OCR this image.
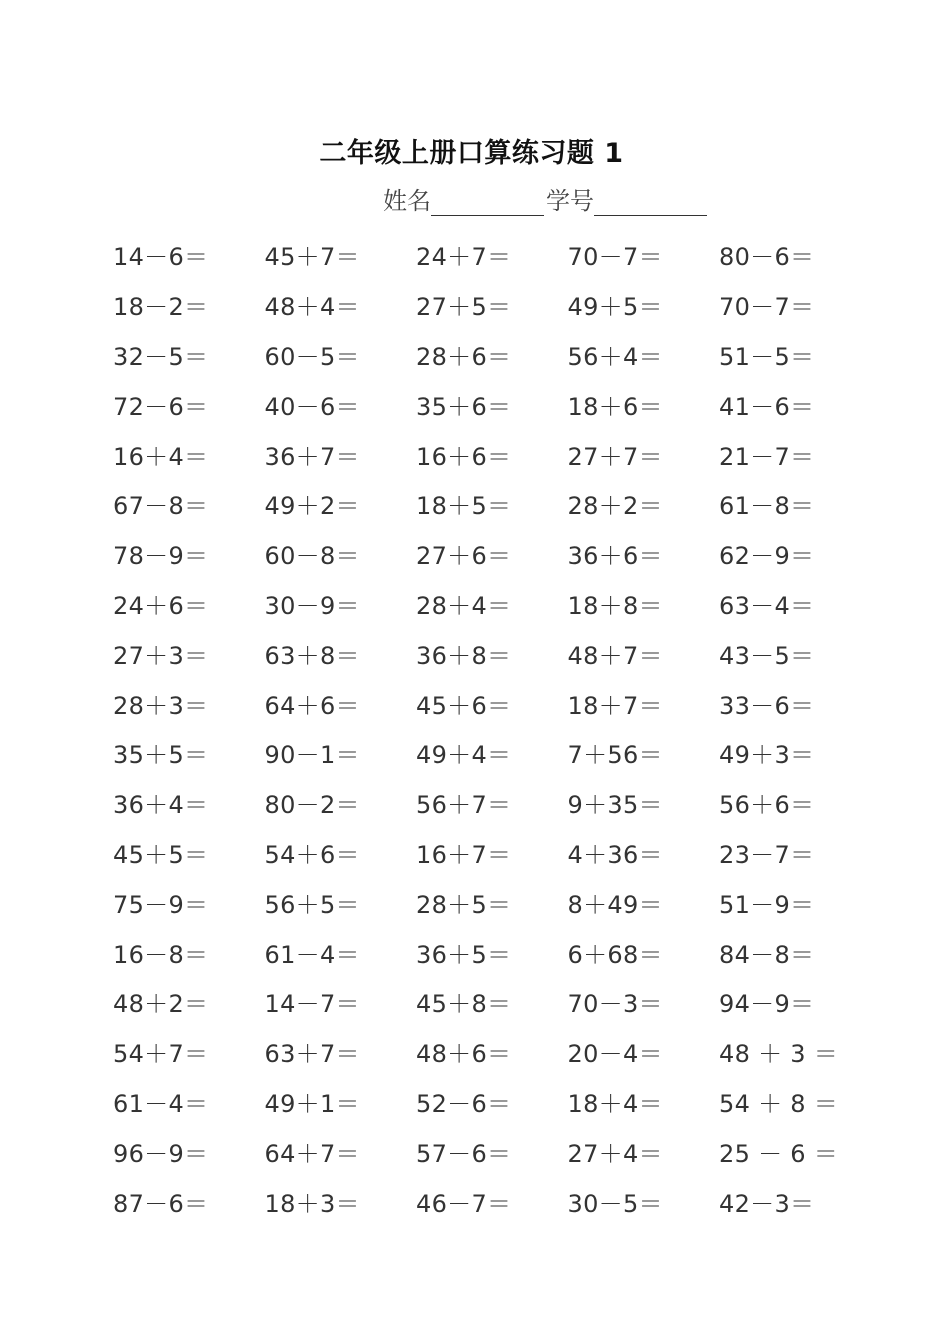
二年级上册口算练习题 1
姓名	学号
14－6＝	45＋7＝	24＋7＝	70－7＝	80－6＝
18－2＝	48＋4＝	27＋5＝	49＋5＝	70－7＝
32－5＝	60－5＝	28＋6＝	56＋4＝	51－5＝
72－6＝	40－6＝	35＋6＝	18＋6＝	41－6＝
16＋4＝	36＋7＝	16＋6＝	27＋7＝	21－7＝
67－8＝	49＋2＝	18＋5＝	28＋2＝	61－8＝
78－9＝	60－8＝	27＋6＝	36＋6＝	62－9＝
24＋6＝	30－9＝	28＋4＝	18＋8＝	63－4＝
27＋3＝	63＋8＝	36＋8＝	48＋7＝	43－5＝
28＋3＝	64＋6＝	45＋6＝	18＋7＝	33－6＝
35＋5＝	90－1＝	49＋4＝	7＋56＝	49＋3＝
36＋4＝	80－2＝	56＋7＝	9＋35＝	56＋6＝
45＋5＝	54＋6＝	16＋7＝	4＋36＝	23－7＝
75－9＝	56＋5＝	28＋5＝	8＋49＝	51－9＝
16－8＝	61－4＝	36＋5＝	6＋68＝	84－8＝
48＋2＝	14－7＝	45＋8＝	70－3＝	94－9＝
54＋7＝	63＋7＝	48＋6＝	20－4＝	48 ＋ 3 ＝
61－4＝	49＋1＝	52－6＝	18＋4＝	54 ＋ 8 ＝
96－9＝	64＋7＝	57－6＝	27＋4＝	25 － 6 ＝
87－6＝	18＋3＝	46－7＝	30－5＝	42－3＝
